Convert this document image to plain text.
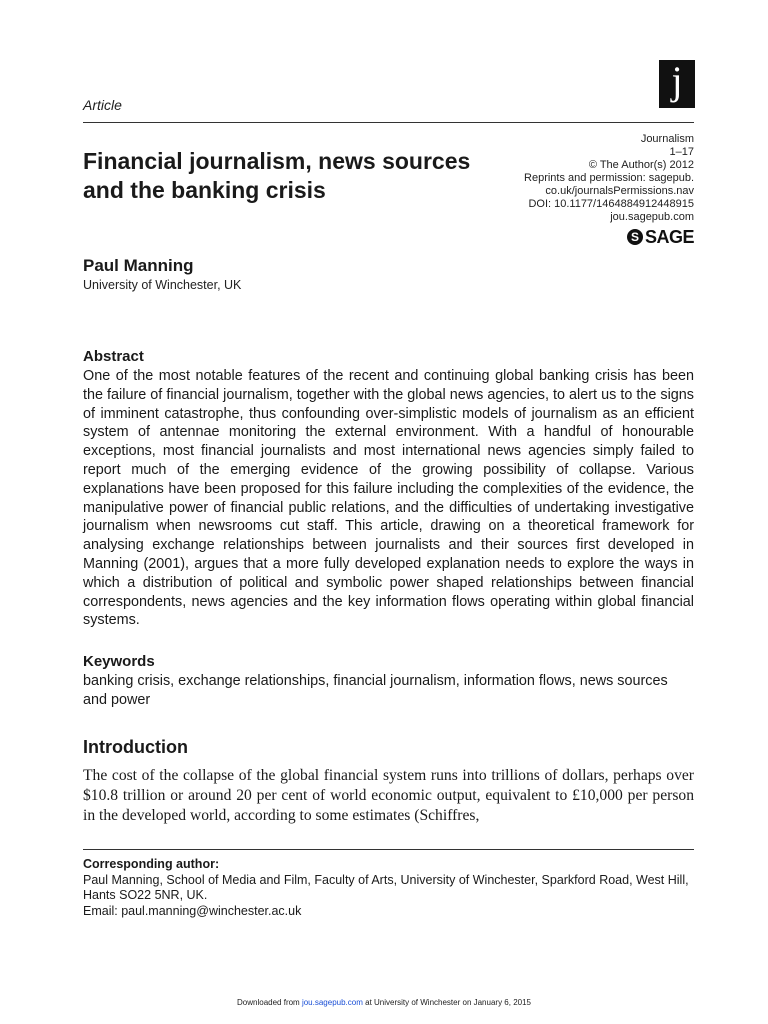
j
Article
Journalism
1–17
© The Author(s) 2012
Reprints and permission: sagepub.
co.uk/journalsPermissions.nav
DOI: 10.1177/1464884912448915
jou.sagepub.com
S SAGE
Financial journalism, news sources and the banking crisis
Paul Manning
University of Winchester, UK
Abstract
One of the most notable features of the recent and continuing global banking crisis has been the failure of financial journalism, together with the global news agencies, to alert us to the signs of imminent catastrophe, thus confounding over-simplistic models of journalism as an efficient system of antennae monitoring the external environment. With a handful of honourable exceptions, most financial journalists and most international news agencies simply failed to report much of the emerging evidence of the growing possibility of collapse. Various explanations have been proposed for this failure including the complexities of the evidence, the manipulative power of financial public relations, and the difficulties of undertaking investigative journalism when newsrooms cut staff. This article, drawing on a theoretical framework for analysing exchange relationships between journalists and their sources first developed in Manning (2001), argues that a more fully developed explanation needs to explore the ways in which a distribution of political and symbolic power shaped relationships between financial correspondents, news agencies and the key information flows operating within global financial systems.
Keywords
banking crisis, exchange relationships, financial journalism, information flows, news sources and power
Introduction
The cost of the collapse of the global financial system runs into trillions of dollars, perhaps over $10.8 trillion or around 20 per cent of world economic output, equivalent to £10,000 per person in the developed world, according to some estimates (Schiffres,
Corresponding author:
Paul Manning, School of Media and Film, Faculty of Arts, University of Winchester, Sparkford Road, West Hill, Hants SO22 5NR, UK.
Email: paul.manning@winchester.ac.uk
Downloaded from jou.sagepub.com at University of Winchester on January 6, 2015
